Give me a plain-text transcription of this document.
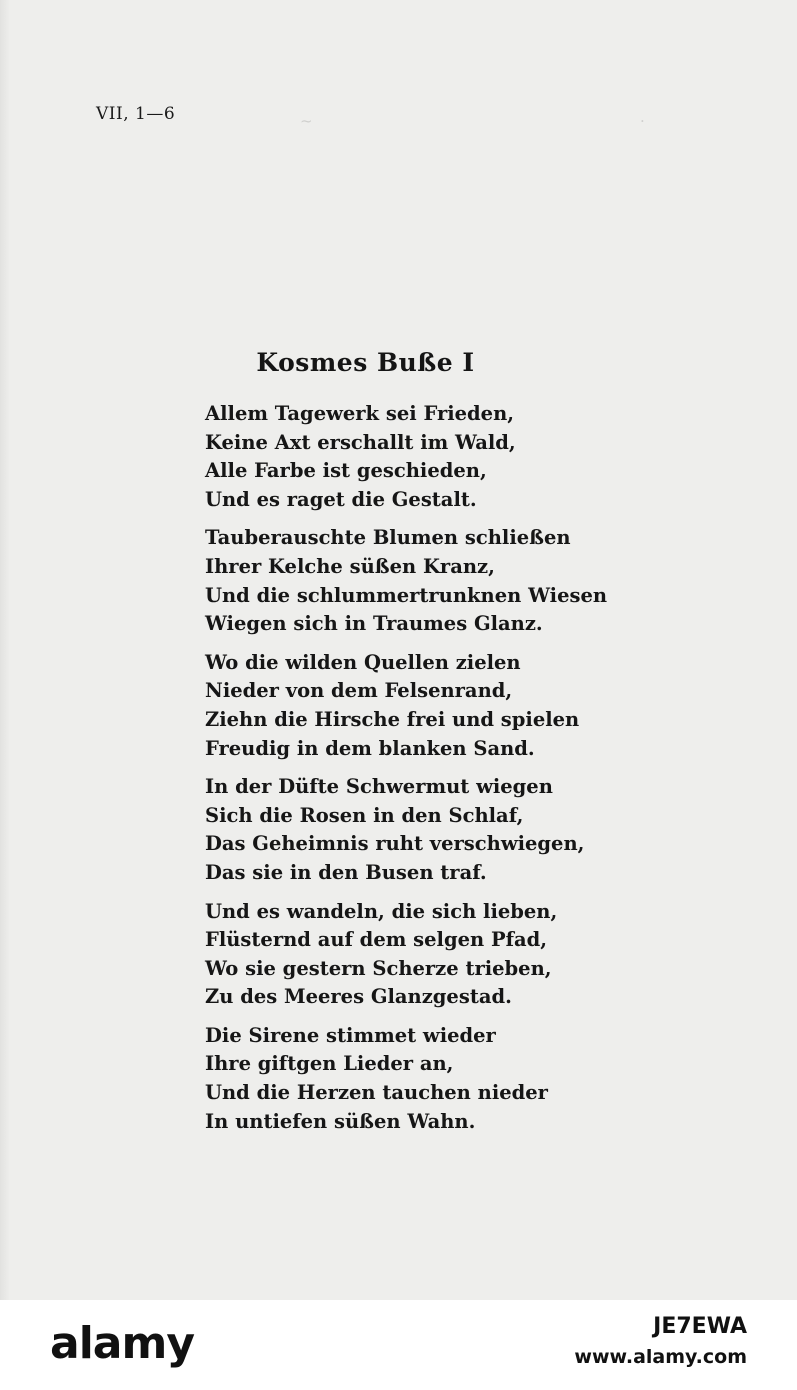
~	·
VII, 1—6
Kosmes Buße I
Allem Tagewerk sei Frieden,
Keine Axt erschallt im Wald,
Alle Farbe ist geschieden,
Und es raget die Gestalt.
Tauberauschte Blumen schließen
Ihrer Kelche süßen Kranz,
Und die schlummertrunknen Wiesen
Wiegen sich in Traumes Glanz.
Wo die wilden Quellen zielen
Nieder von dem Felsenrand,
Ziehn die Hirsche frei und spielen
Freudig in dem blanken Sand.
In der Düfte Schwermut wiegen
Sich die Rosen in den Schlaf,
Das Geheimnis ruht verschwiegen,
Das sie in den Busen traf.
Und es wandeln, die sich lieben,
Flüsternd auf dem selgen Pfad,
Wo sie gestern Scherze trieben,
Zu des Meeres Glanzgestad.
Die Sirene stimmet wieder
Ihre giftgen Lieder an,
Und die Herzen tauchen nieder
In untiefen süßen Wahn.
alamy	JE7EWA
www.alamy.com
